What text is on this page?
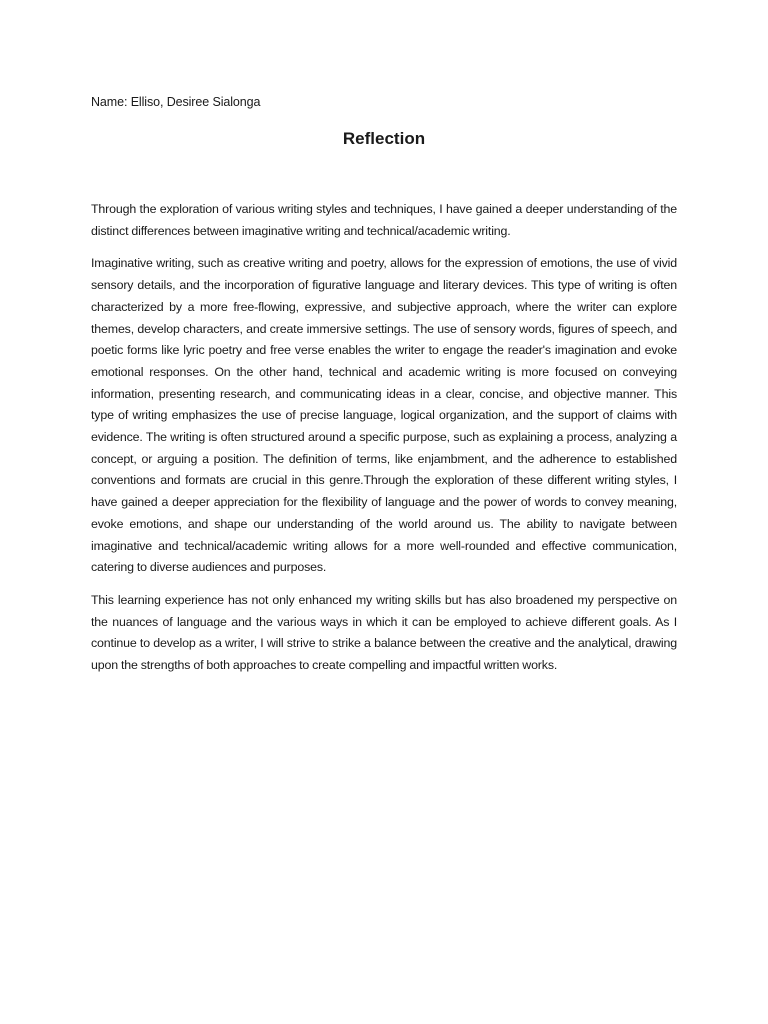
Name: Elliso, Desiree Sialonga
Reflection

Through the exploration of various writing styles and techniques, I have gained a deeper understanding of the distinct differences between imaginative writing and technical/academic writing.

Imaginative writing, such as creative writing and poetry, allows for the expression of emotions, the use of vivid sensory details, and the incorporation of figurative language and literary devices. This type of writing is often characterized by a more free-flowing, expressive, and subjective approach, where the writer can explore themes, develop characters, and create immersive settings. The use of sensory words, figures of speech, and poetic forms like lyric poetry and free verse enables the writer to engage the reader's imagination and evoke emotional responses. On the other hand, technical and academic writing is more focused on conveying information, presenting research, and communicating ideas in a clear, concise, and objective manner. This type of writing emphasizes the use of precise language, logical organization, and the support of claims with evidence. The writing is often structured around a specific purpose, such as explaining a process, analyzing a concept, or arguing a position. The definition of terms, like enjambment, and the adherence to established conventions and formats are crucial in this genre.Through the exploration of these different writing styles, I have gained a deeper appreciation for the flexibility of language and the power of words to convey meaning, evoke emotions, and shape our understanding of the world around us. The ability to navigate between imaginative and technical/academic writing allows for a more well-rounded and effective communication, catering to diverse audiences and purposes.

This learning experience has not only enhanced my writing skills but has also broadened my perspective on the nuances of language and the various ways in which it can be employed to achieve different goals. As I continue to develop as a writer, I will strive to strike a balance between the creative and the analytical, drawing upon the strengths of both approaches to create compelling and impactful written works.
